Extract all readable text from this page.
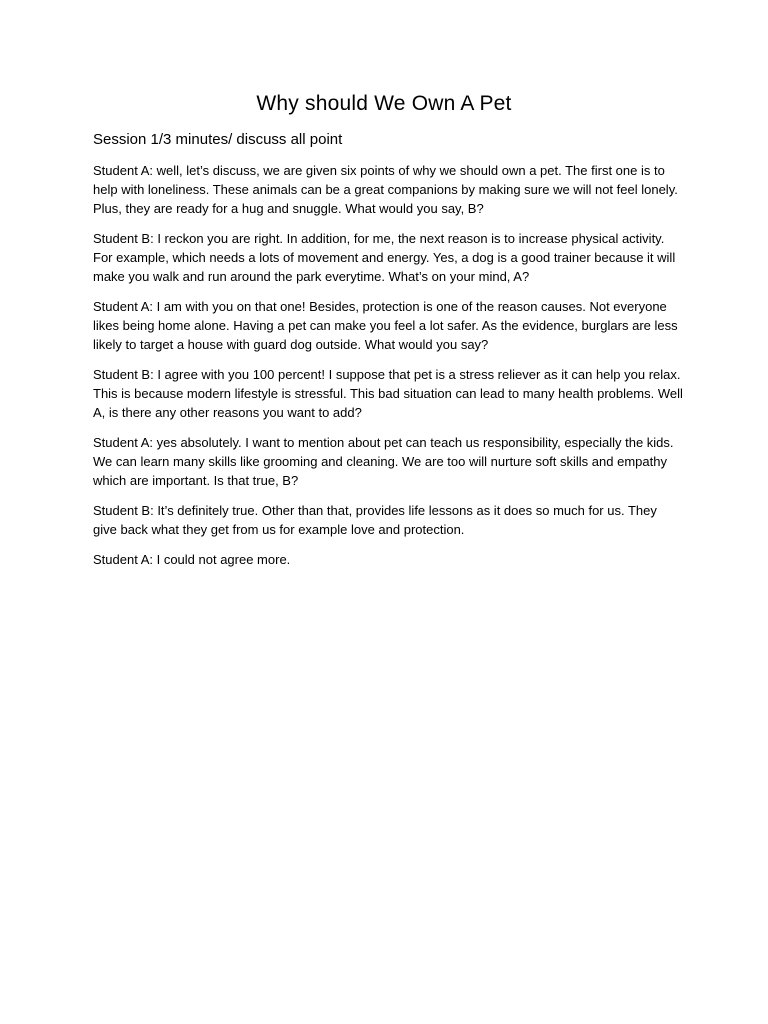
Why should We Own A Pet

Session 1/3 minutes/ discuss all point

Student A: well, let’s discuss, we are given six points of why we should own a pet. The first one is to help with loneliness. These animals can be a great companions by making sure we will not feel lonely. Plus, they are ready for a hug and snuggle. What would you say, B?

Student B: I reckon you are right. In addition, for me, the next reason is to increase physical activity. For example, which needs a lots of movement and energy. Yes, a dog is a good trainer because it will make you walk and run around the park everytime. What’s on your mind, A?

Student A: I am with you on that one! Besides, protection is one of the reason causes. Not everyone likes being home alone. Having a pet can make you feel a lot safer. As the evidence, burglars are less likely to target a house with guard dog outside. What would you say?

Student B: I agree with you 100 percent! I suppose that pet is a stress reliever as it can help you relax. This is because modern lifestyle is stressful. This bad situation can lead to many health problems. Well A, is there any other reasons you want to add?

Student A: yes absolutely. I want to mention about pet can teach us responsibility, especially the kids. We can learn many skills like grooming and cleaning. We are too will nurture soft skills and empathy which are important. Is that true, B?

Student B: It’s definitely true. Other than that, provides life lessons as it does so much for us. They give back what they get from us for example love and protection.

Student A: I could not agree more.
